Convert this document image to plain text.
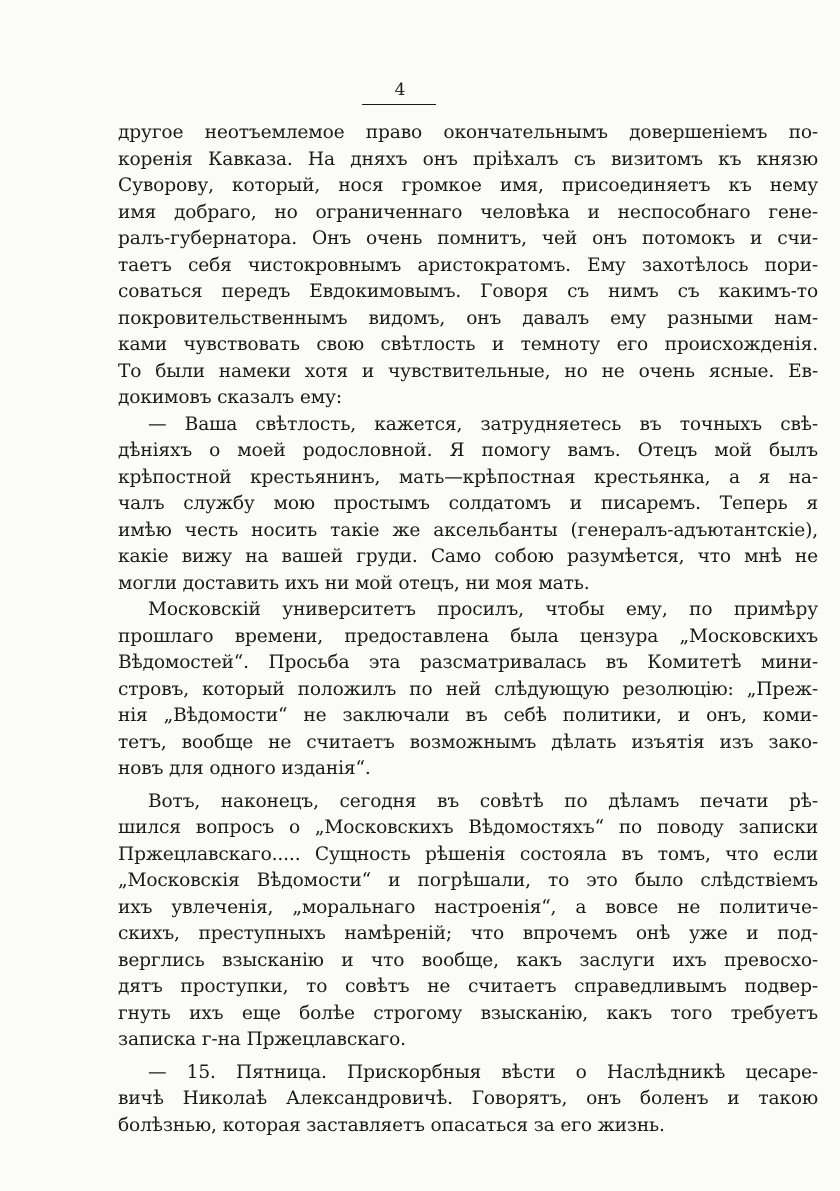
4
другое неотъемлемое право окончательнымъ довершеніемъ по-
коренія Кавказа. На дняхъ онъ пріѣхалъ съ визитомъ къ князю
Суворову, который, нося громкое имя, присоединяетъ къ нему
имя добраго, но ограниченнаго человѣка и неспособнаго гене-
ралъ-губернатора. Онъ очень помнитъ, чей онъ потомокъ и счи-
таетъ себя чистокровнымъ аристократомъ. Ему захотѣлось пори-
соваться передъ Евдокимовымъ. Говоря съ нимъ съ какимъ-то
покровительственнымъ видомъ, онъ давалъ ему разными нам-
ками чувствовать свою свѣтлость и темноту его происхожденія.
То были намеки хотя и чувствительные, но не очень ясные. Ев-
докимовъ сказалъ ему:
— Ваша свѣтлость, кажется, затрудняетесь въ точныхъ свѣ-
дѣніяхъ о моей родословной. Я помогу вамъ. Отецъ мой былъ
крѣпостной крестьянинъ, мать—крѣпостная крестьянка, а я на-
чалъ службу мою простымъ солдатомъ и писаремъ. Теперь я
имѣю честь носить такіе же аксельбанты (генералъ-адъютантскіе),
какіе вижу на вашей груди. Само собою разумѣется, что мнѣ не
могли доставить ихъ ни мой отецъ, ни моя мать.
Московскій университетъ просилъ, чтобы ему, по примѣру
прошлаго времени, предоставлена была цензура „Московскихъ
Вѣдомостей“. Просьба эта разсматривалась въ Комитетѣ мини-
стровъ, который положилъ по ней слѣдующую резолюцію: „Преж-
нія „Вѣдомости“ не заключали въ себѣ политики, и онъ, коми-
тетъ, вообще не считаетъ возможнымъ дѣлать изъятія изъ зако-
новъ для одного изданія“.
Вотъ, наконецъ, сегодня въ совѣтѣ по дѣламъ печати рѣ-
шился вопросъ о „Московскихъ Вѣдомостяхъ“ по поводу записки
Пржецлавскаго..... Сущность рѣшенія состояла въ томъ, что если
„Московскія Вѣдомости“ и погрѣшали, то это было слѣдствіемъ
ихъ увлеченія, „моральнаго настроенія“, а вовсе не политиче-
скихъ, преступныхъ намѣреній; что впрочемъ онѣ уже и под-
верглись взысканію и что вообще, какъ заслуги ихъ превосхо-
дятъ проступки, то совѣтъ не считаетъ справедливымъ подвер-
гнуть ихъ еще болѣе строгому взысканію, какъ того требуетъ
записка г-на Пржецлавскаго.
— 15. Пятница. Прискорбныя вѣсти о Наслѣдникѣ цесаре-
вичѣ Николаѣ Александровичѣ. Говорятъ, онъ боленъ и такою
болѣзнью, которая заставляетъ опасаться за его жизнь.
